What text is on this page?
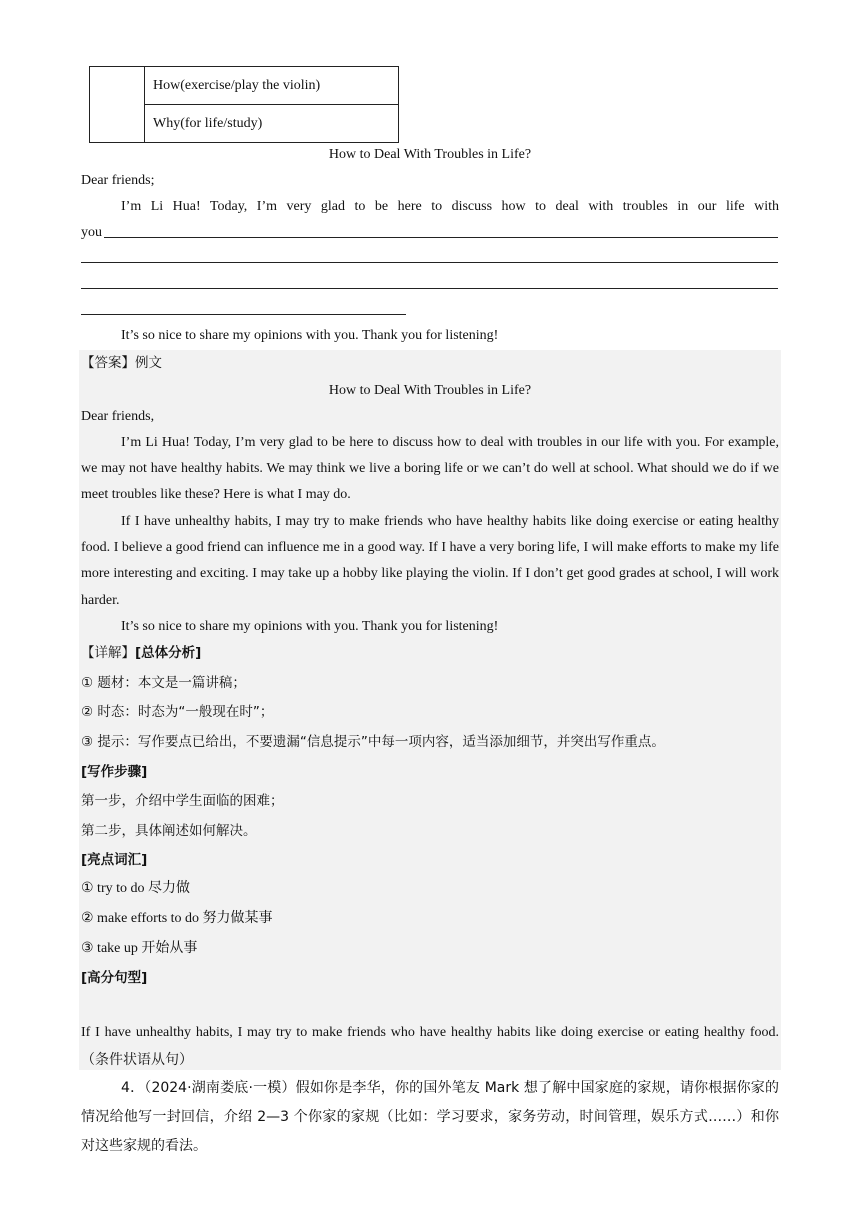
	How(exercise/play the violin)
Why(for life/study)
How to Deal With Troubles in Life?
Dear friends;
I’m Li Hua! Today, I’m very glad to be here to discuss how to deal with troubles in our life with
you
It’s so nice to share my opinions with you. Thank you for listening!
【答案】例文
How to Deal With Troubles in Life?
Dear friends,
I’m Li Hua! Today, I’m very glad to be here to discuss how to deal with troubles in our life with you. For example, we may not have healthy habits. We may think we live a boring life or we can’t do well at school. What should we do if we meet troubles like these? Here is what I may do.
If I have unhealthy habits, I may try to make friends who have healthy habits like doing exercise or eating healthy food. I believe a good friend can influence me in a good way. If I have a very boring life, I will make efforts to make my life more interesting and exciting. I may take up a hobby like playing the violin. If I don’t get good grades at school, I will work harder.
It’s so nice to share my opinions with you. Thank you for listening!
【详解】[总体分析]
① 题材：本文是一篇讲稿；
② 时态：时态为“一般现在时”；
③ 提示：写作要点已给出，不要遗漏“信息提示”中每一项内容，适当添加细节，并突出写作重点。
[写作步骤]
第一步，介绍中学生面临的困难；
第二步，具体阐述如何解决。
[亮点词汇]
① try to do 尽力做
② make efforts to do 努力做某事
③ take up 开始从事
[高分句型]
If I have unhealthy habits, I may try to make friends who have healthy habits like doing exercise or eating healthy food.（条件状语从句）
4．（2024·湖南娄底·一模）假如你是李华，你的国外笔友 Mark 想了解中国家庭的家规，请你根据你家的情况给他写一封回信，介绍 2—3 个你家的家规（比如：学习要求，家务劳动，时间管理，娱乐方式……）和你对这些家规的看法。
